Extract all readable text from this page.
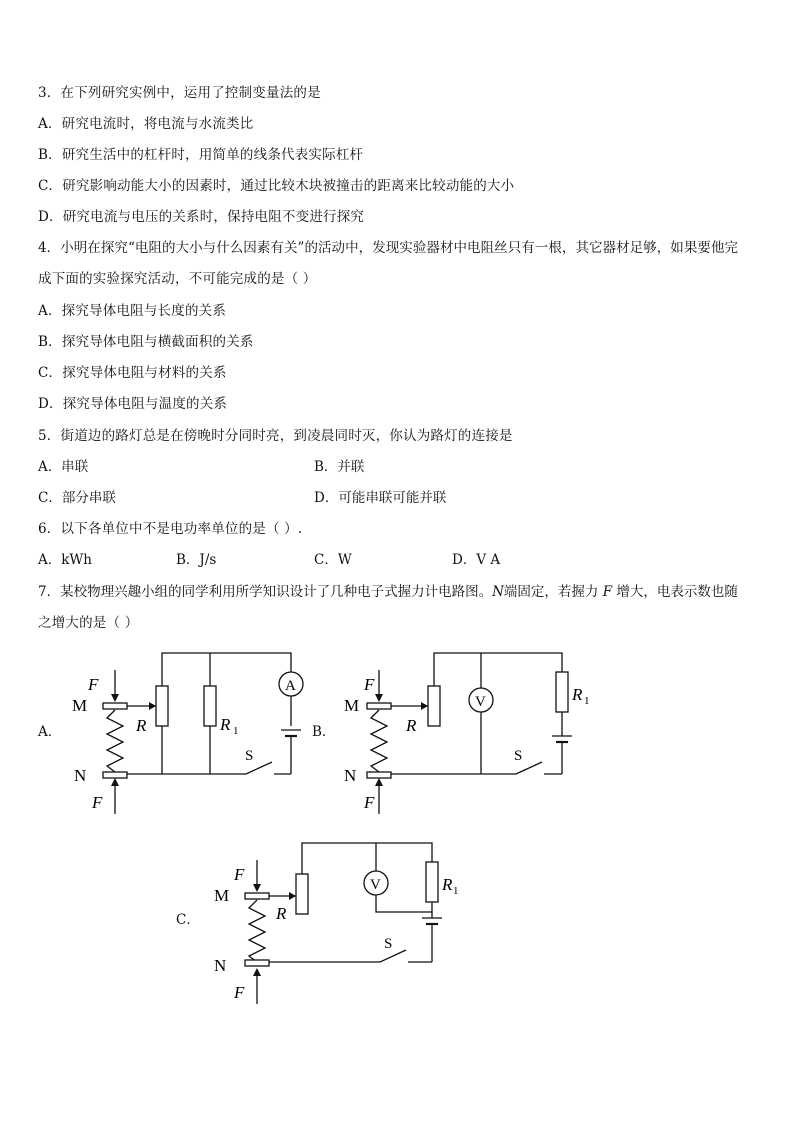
3．在下列研究实例中，运用了控制变量法的是
A．研究电流时，将电流与水流类比
B．研究生活中的杠杆时，用简单的线条代表实际杠杆
C．研究影响动能大小的因素时，通过比较木块被撞击的距离来比较动能的大小
D．研究电流与电压的关系时，保持电阻不变进行探究
4．小明在探究“电阻的大小与什么因素有关”的活动中，发现实验器材中电阻丝只有一根，其它器材足够，如果要他完
成下面的实验探究活动，不可能完成的是（ ）
A．探究导体电阻与长度的关系
B．探究导体电阻与横截面积的关系
C．探究导体电阻与材料的关系
D．探究导体电阻与温度的关系
5．街道边的路灯总是在傍晚时分同时亮，到凌晨同时灭，你认为路灯的连接是
A．串联	B．并联
C．部分串联	D．可能串联可能并联
6．以下各单位中不是电功率单位的是（ ）.
A．kWh	B．J/s	C．W	D．V A
7．某校物理兴趣小组的同学利用所学知识设计了几种电子式握力计电路图。N端固定，若握力 F 增大，电表示数也随
之增大的是（ ）
A．	B．
C．
F
M
R
N
F
R 1
S
A	F
M
R
N
F
R 1
S
V
F
M
R
N
F
R 1
S
V
